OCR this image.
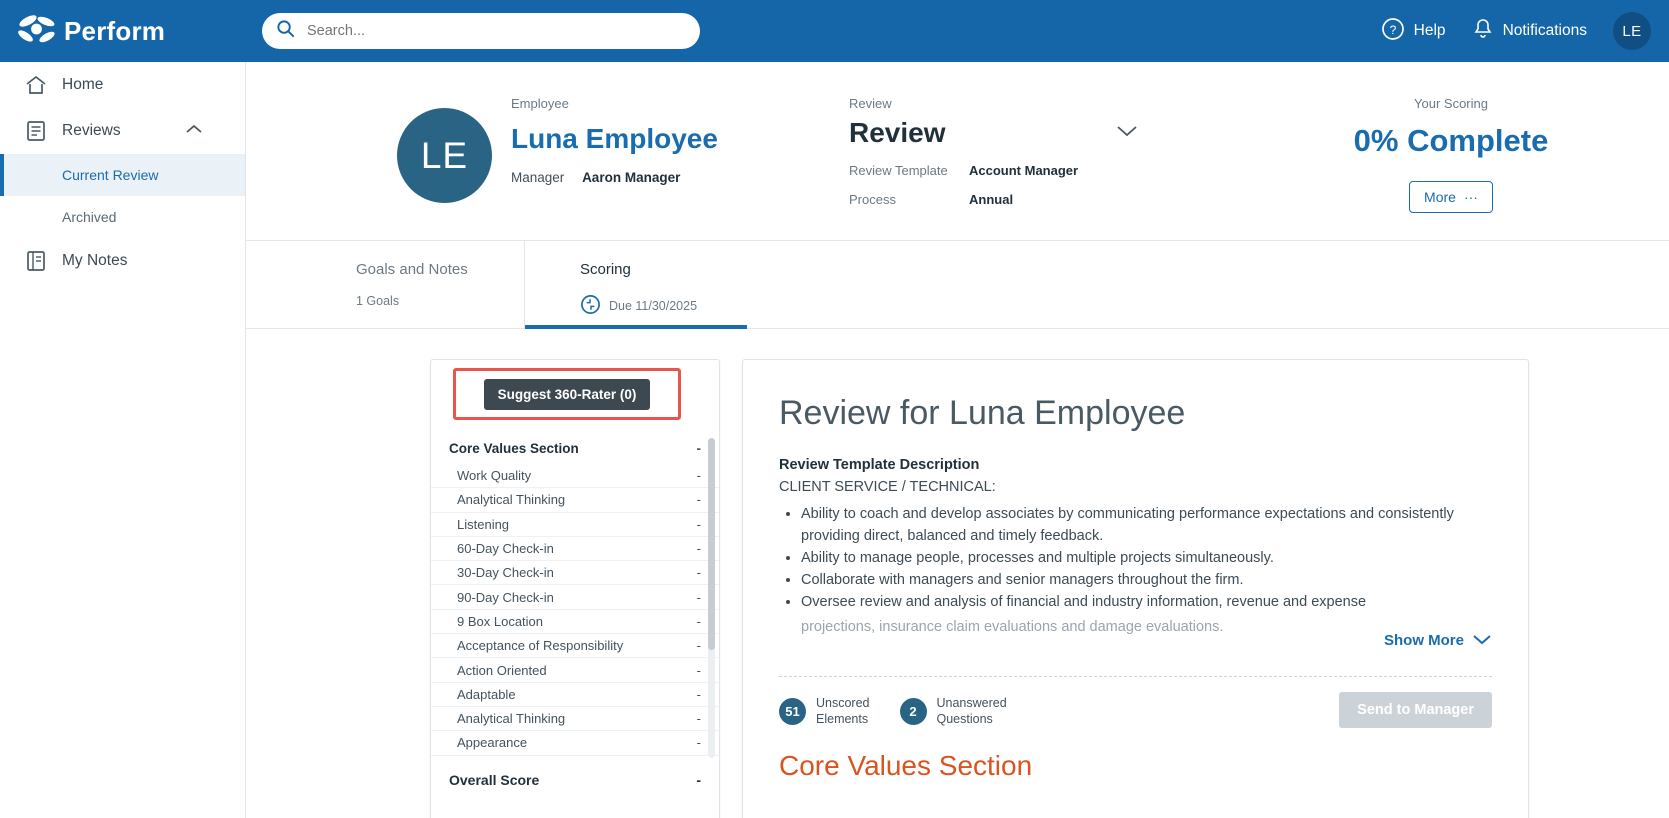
Perform
Search...	? Help	Notifications	LE
Home
Reviews
Current Review
Archived
My Notes
LE
Employee
Luna Employee
Manager Aaron Manager
Review
Review
Review Template	Account Manager
Process	Annual
Your Scoring
0% Complete
More ···
Goals and Notes
1 Goals
Scoring
Due 11/30/2025
Suggest 360-Rater (0)
Core Values Section	-
Work Quality	-
Analytical Thinking	-
Listening	-
60-Day Check-in	-
30-Day Check-in	-
90-Day Check-in	-
9 Box Location	-
Acceptance of Responsibility	-
Action Oriented	-
Adaptable	-
Analytical Thinking	-
Appearance	-
Overall Score	-
Review for Luna Employee
Review Template Description
CLIENT SERVICE / TECHNICAL:
• Ability to coach and develop associates by communicating performance expectations and consistently providing direct, balanced and timely feedback.
• Ability to manage people, processes and multiple projects simultaneously.
• Collaborate with managers and senior managers throughout the firm.
• Oversee review and analysis of financial and industry information, revenue and expense
projections, insurance claim evaluations and damage evaluations.
Show More
51
Unscored
Elements	2
Unanswered
Questions
Send to Manager
Core Values Section
